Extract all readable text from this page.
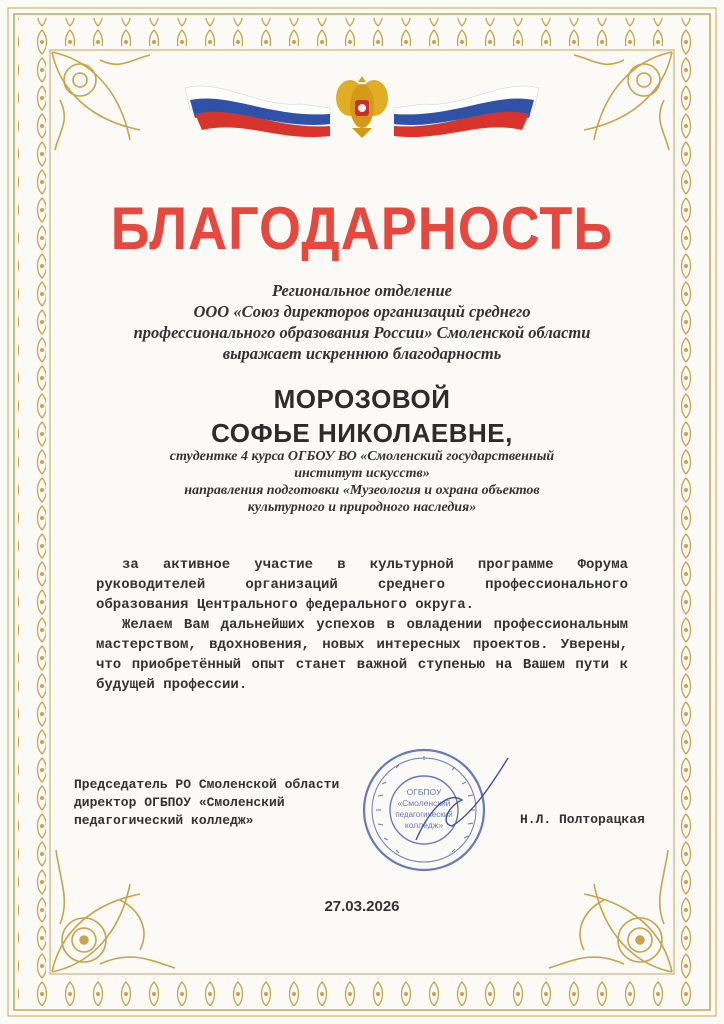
БЛАГОДАРНОСТЬ
Региональное отделение
ООО «Союз директоров организаций среднего
профессионального образования России» Смоленской области
выражает искреннюю благодарность
МОРОЗОВОЙ
СОФЬЕ НИКОЛАЕВНЕ,
студентке 4 курса ОГБОУ ВО «Смоленский государственный
институт искусств»
направления подготовки «Музеология и охрана объектов
культурного и природного наследия»

за активное участие в культурной программе Форума руководителей организаций среднего профессионального образования Центрального федерального округа.

Желаем Вам дальнейших успехов в овладении профессиональным мастерством, вдохновения, новых интересных проектов. Уверены, что приобретённый опыт станет важной ступенью на Вашем пути к будущей профессии.

Председатель РО Смоленской области
директор ОГБПОУ «Смоленский
педагогический колледж»
ОГБПОУ
«Смоленский
педагогический
колледж»	Н.Л. Полторацкая
27.03.2026
